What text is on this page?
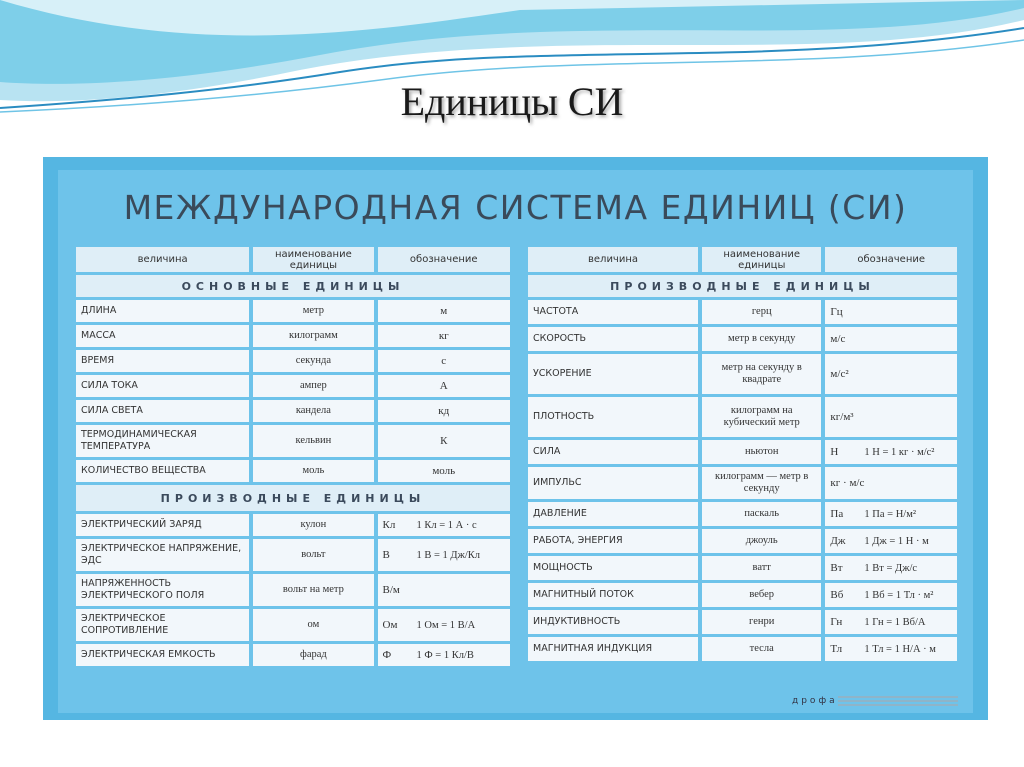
Единицы СИ
МЕЖДУНАРОДНАЯ СИСТЕМА ЕДИНИЦ (СИ)
величина	наименование единицы	обозначение
ОСНОВНЫЕ ЕДИНИЦЫ		
ДЛИНА	метр	м
МАССА	килограмм	кг
ВРЕМЯ	секунда	с
СИЛА ТОКА	ампер	А
СИЛА СВЕТА	кандела	кд
ТЕРМОДИНАМИЧЕСКАЯ ТЕМПЕРАТУРА	кельвин	К
КОЛИЧЕСТВО ВЕЩЕСТВА	моль	моль
ПРОИЗВОДНЫЕ ЕДИНИЦЫ		
ЭЛЕКТРИЧЕСКИЙ ЗАРЯД	кулон	Кл 1 Кл = 1 А · с
ЭЛЕКТРИЧЕСКОЕ НАПРЯЖЕНИЕ, ЭДС	вольт	В 1 В = 1 Дж/Кл
НАПРЯЖЕННОСТЬ ЭЛЕКТРИЧЕСКОГО ПОЛЯ	вольт на метр	В/м
ЭЛЕКТРИЧЕСКОЕ СОПРОТИВЛЕНИЕ	ом	Ом 1 Ом = 1 В/А
ЭЛЕКТРИЧЕСКАЯ ЕМКОСТЬ	фарад	Ф 1 Ф = 1 Кл/В
величина	наименование единицы	обозначение
ПРОИЗВОДНЫЕ ЕДИНИЦЫ		
ЧАСТОТА	герц	Гц
СКОРОСТЬ	метр в секунду	м/с
УСКОРЕНИЕ	метр на секунду в квадрате	м/с²
ПЛОТНОСТЬ	килограмм на кубический метр	кг/м³
СИЛА	ньютон	Н 1 Н = 1 кг · м/с²
ИМПУЛЬС	килограмм — метр в секунду	кг · м/с
ДАВЛЕНИЕ	паскаль	Па 1 Па = Н/м²
РАБОТА, ЭНЕРГИЯ	джоуль	Дж 1 Дж = 1 Н · м
МОЩНОСТЬ	ватт	Вт 1 Вт = Дж/с
МАГНИТНЫЙ ПОТОК	вебер	Вб 1 Вб = 1 Тл · м²
ИНДУКТИВНОСТЬ	генри	Гн 1 Гн = 1 Вб/А
МАГНИТНАЯ ИНДУКЦИЯ	тесла	Тл 1 Тл = 1 Н/А · м
дрофа
